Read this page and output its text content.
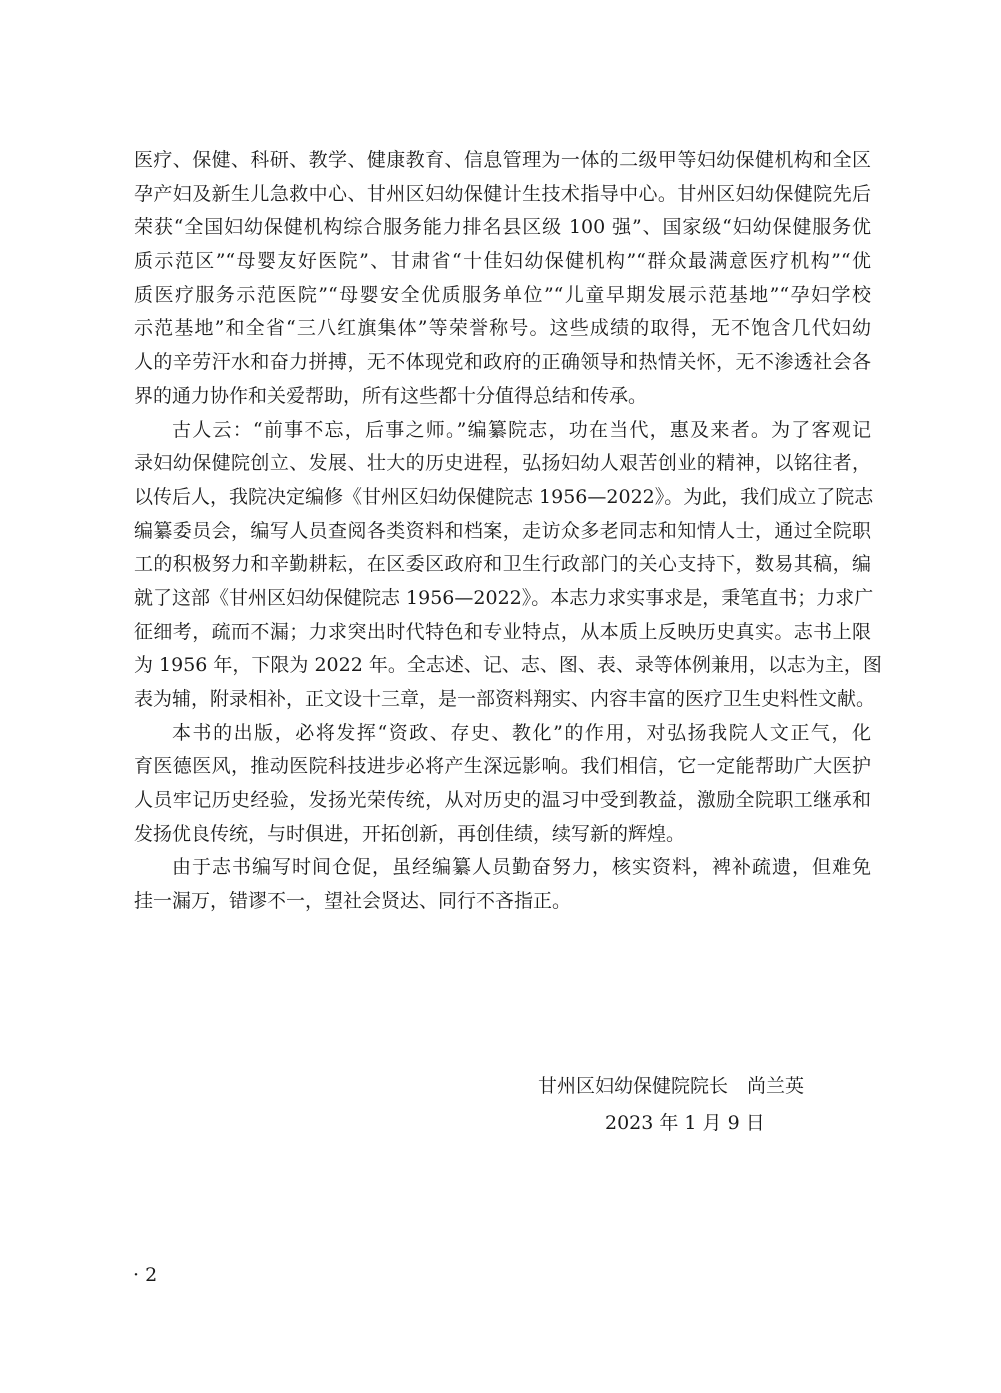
医疗、保健、科研、教学、健康教育、信息管理为一体的二级甲等妇幼保健机构和全区
孕产妇及新生儿急救中心、甘州区妇幼保健计生技术指导中心。甘州区妇幼保健院先后
荣获“全国妇幼保健机构综合服务能力排名县区级 100 强”、国家级“妇幼保健服务优
质示范区”“母婴友好医院”、甘肃省“十佳妇幼保健机构”“群众最满意医疗机构”“优
质医疗服务示范医院”“母婴安全优质服务单位”“儿童早期发展示范基地”“孕妇学校
示范基地”和全省“三八红旗集体”等荣誉称号。这些成绩的取得，无不饱含几代妇幼
人的辛劳汗水和奋力拼搏，无不体现党和政府的正确领导和热情关怀，无不渗透社会各
界的通力协作和关爱帮助，所有这些都十分值得总结和传承。
古人云：“前事不忘，后事之师。”编纂院志，功在当代，惠及来者。为了客观记
录妇幼保健院创立、发展、壮大的历史进程，弘扬妇幼人艰苦创业的精神，以铭往者，
以传后人，我院决定编修《甘州区妇幼保健院志 1956—2022》。为此，我们成立了院志
编纂委员会，编写人员查阅各类资料和档案，走访众多老同志和知情人士，通过全院职
工的积极努力和辛勤耕耘，在区委区政府和卫生行政部门的关心支持下，数易其稿，编
就了这部《甘州区妇幼保健院志 1956—2022》。本志力求实事求是，秉笔直书；力求广
征细考，疏而不漏；力求突出时代特色和专业特点，从本质上反映历史真实。志书上限
为 1956 年，下限为 2022 年。全志述、记、志、图、表、录等体例兼用，以志为主，图
表为辅，附录相补，正文设十三章，是一部资料翔实、内容丰富的医疗卫生史料性文献。
本书的出版，必将发挥“资政、存史、教化”的作用，对弘扬我院人文正气，化
育医德医风，推动医院科技进步必将产生深远影响。我们相信，它一定能帮助广大医护
人员牢记历史经验，发扬光荣传统，从对历史的温习中受到教益，激励全院职工继承和
发扬优良传统，与时俱进，开拓创新，再创佳绩，续写新的辉煌。
由于志书编写时间仓促，虽经编纂人员勤奋努力，核实资料，裨补疏遗，但难免
挂一漏万，错谬不一，望社会贤达、同行不吝指正。
甘州区妇幼保健院院长　尚兰英
2023 年 1 月 9 日
· 2
